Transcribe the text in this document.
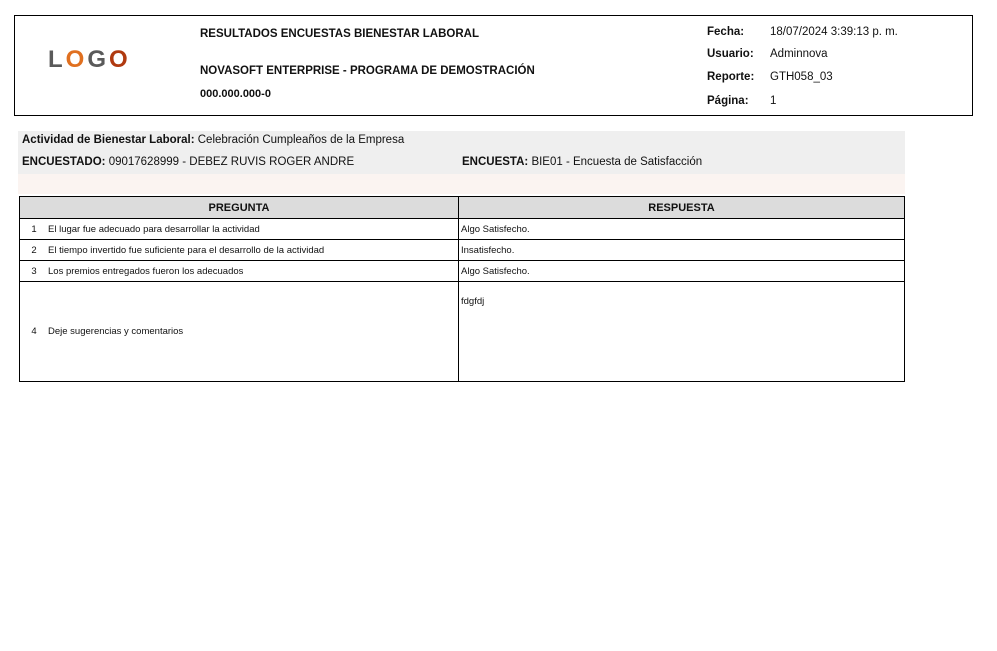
LOGO
RESULTADOS ENCUESTAS BIENESTAR LABORAL
NOVASOFT ENTERPRISE - PROGRAMA DE DEMOSTRACIÓN
000.000.000-0
Fecha: 18/07/2024 3:39:13 p. m.
Usuario: Adminnova
Reporte: GTH058_03
Página: 1
Actividad de Bienestar Laboral: Celebración Cumpleaños de la Empresa
ENCUESTADO: 09017628999 - DEBEZ RUVIS ROGER ANDRE	ENCUESTA: BIE01 - Encuesta de Satisfacción
PREGUNTA	RESPUESTA
1 El lugar fue adecuado para desarrollar la actividad	Algo Satisfecho.
2 El tiempo invertido fue suficiente para el desarrollo de la actividad	Insatisfecho.
3 Los premios entregados fueron los adecuados	Algo Satisfecho.
4 Deje sugerencias y comentarios	fdgfdj
